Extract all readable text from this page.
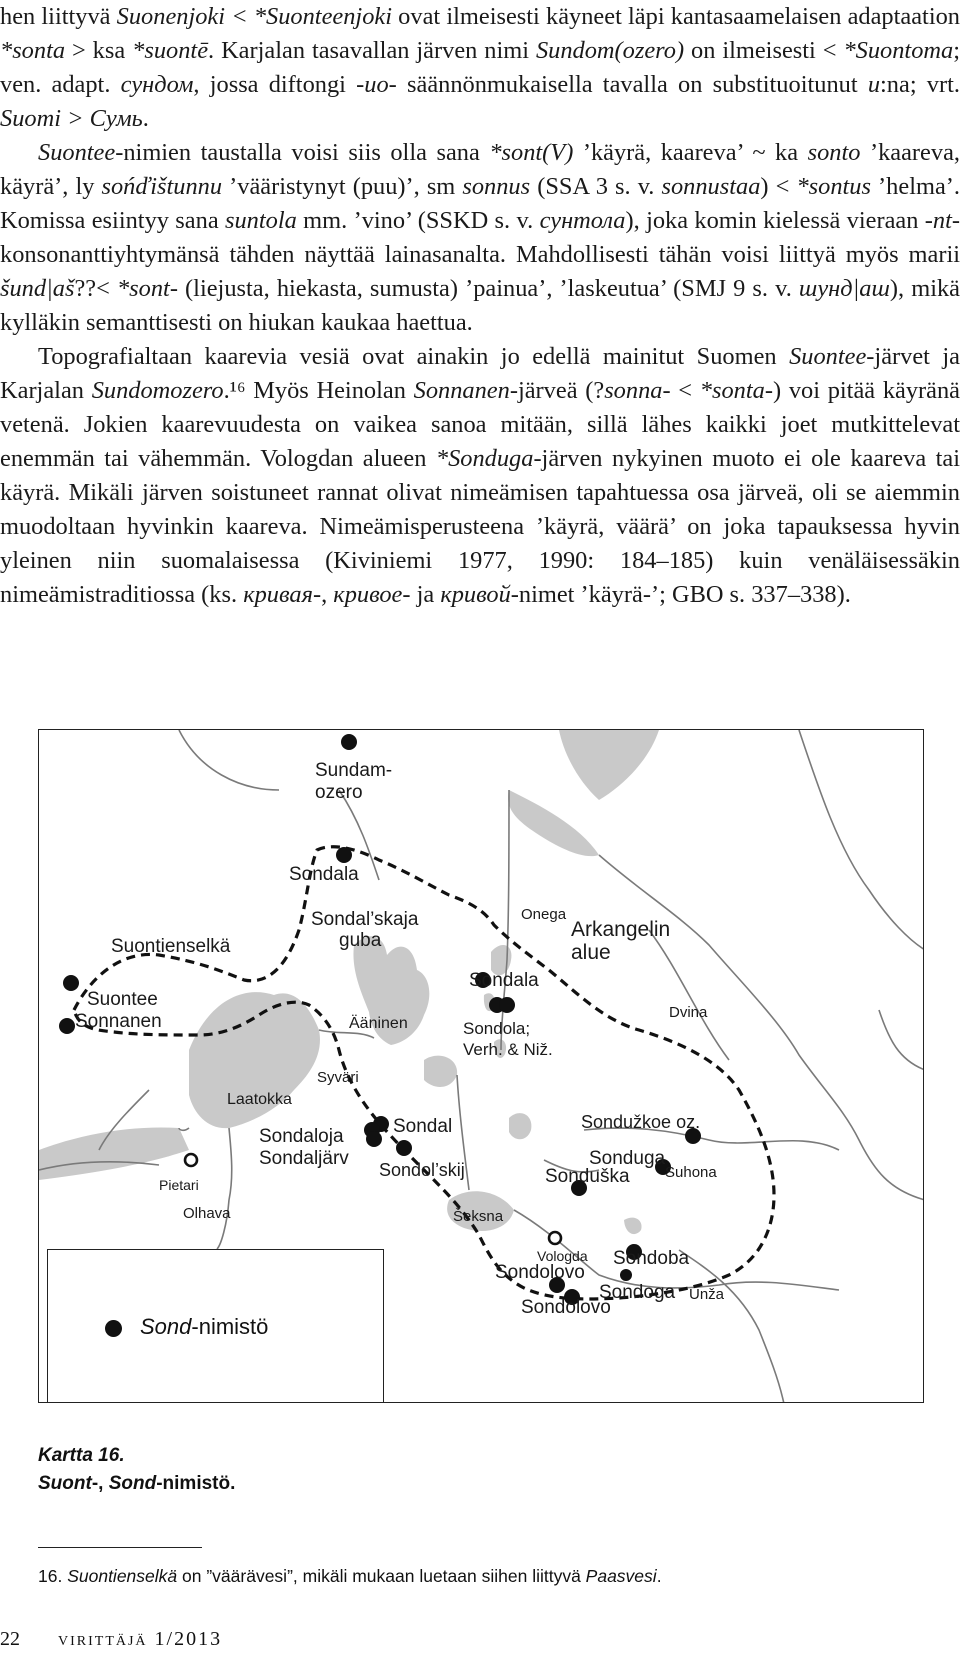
hen liittyvä Suonenjoki < *Suonteenjoki ovat ilmeisesti käyneet läpi kantasaamelaisen adaptaation *sonta > ksa *suontē. Karjalan tasavallan järven nimi Sundom(ozero) on ilmeisesti < *Suontoma; ven. adapt. сундом, jossa diftongi -uo- säännönmukaisella tavalla on substituoitunut u:na; vrt. Suomi > Сумь.

Suontee-nimien taustalla voisi siis olla sana *sont(V) ’käyrä, kaareva’ ~ ka sonto ’kaareva, käyrä’, ly sońďištunnu ’vääristynyt (puu)’, sm sonnus (SSA 3 s. v. sonnustaa) < *sontus ’helma’. Komissa esiintyy sana suntola mm. ’vino’ (SSKD s. v. сунтола), joka komin kielessä vieraan -nt-konsonanttiyhtymänsä tähden näyttää lainasanalta. Mahdollisesti tähän voisi liittyä myös marii šund|aš??< *sont- (liejusta, hiekasta, sumusta) ’painua’, ’laskeutua’ (SMJ 9 s. v. шунд|аш), mikä kylläkin semanttisesti on hiukan kaukaa haettua.

Topografialtaan kaarevia vesiä ovat ainakin jo edellä mainitut Suomen Suontee-järvet ja Karjalan Sundomozero.¹⁶ Myös Heinolan Sonnanen-järveä (?sonna- < *sonta-) voi pitää käyränä vetenä. Jokien kaarevuudesta on vaikea sanoa mitään, sillä lähes kaikki joet mutkittelevat enemmän tai vähemmän. Vologdan alueen *Sonduga-järven nykyinen muoto ei ole kaareva tai käyrä. Mikäli järven soistuneet rannat olivat nimeämisen tapahtuessa osa järveä, oli se aiemmin muodoltaan hyvinkin kaareva. Nimeämisperusteena ’käyrä, väärä’ on joka tapauksessa hyvin yleinen niin suomalaisessa (Kiviniemi 1977, 1990: 184–185) kuin venäläisessäkin nimeämistraditiossa (ks. кривая-, кривое- ja кривой-nimet ’käyrä-’; GBO s. 337–338).

Sundam-
ozero
Sondala
Sondal’skaja
guba
Suontienselkä
Suontee
Sonnanen
Onega
Arkangelin
alue
Sondala
Ääninen	Sondola;
Verh. & Niž.
Dvina
Syväri
Laatokka
Sondaloja
Sondaljärv
Sondal
Sondol’skij
Sondužkoe oz.
Sonduga
Sonduška Suhona
Pietari
Olhava	Šeksna
Vologda
Sondolovo
Sondoba
Sondoga Unža
Sondolovo
Sond-nimistö
Kartta 16.
Suont-, Sond-nimistö.
16. Suontienselkä on ”väärävesi”, mikäli mukaan luetaan siihen liittyvä Paasvesi.
22 virittäjä 1/2013
